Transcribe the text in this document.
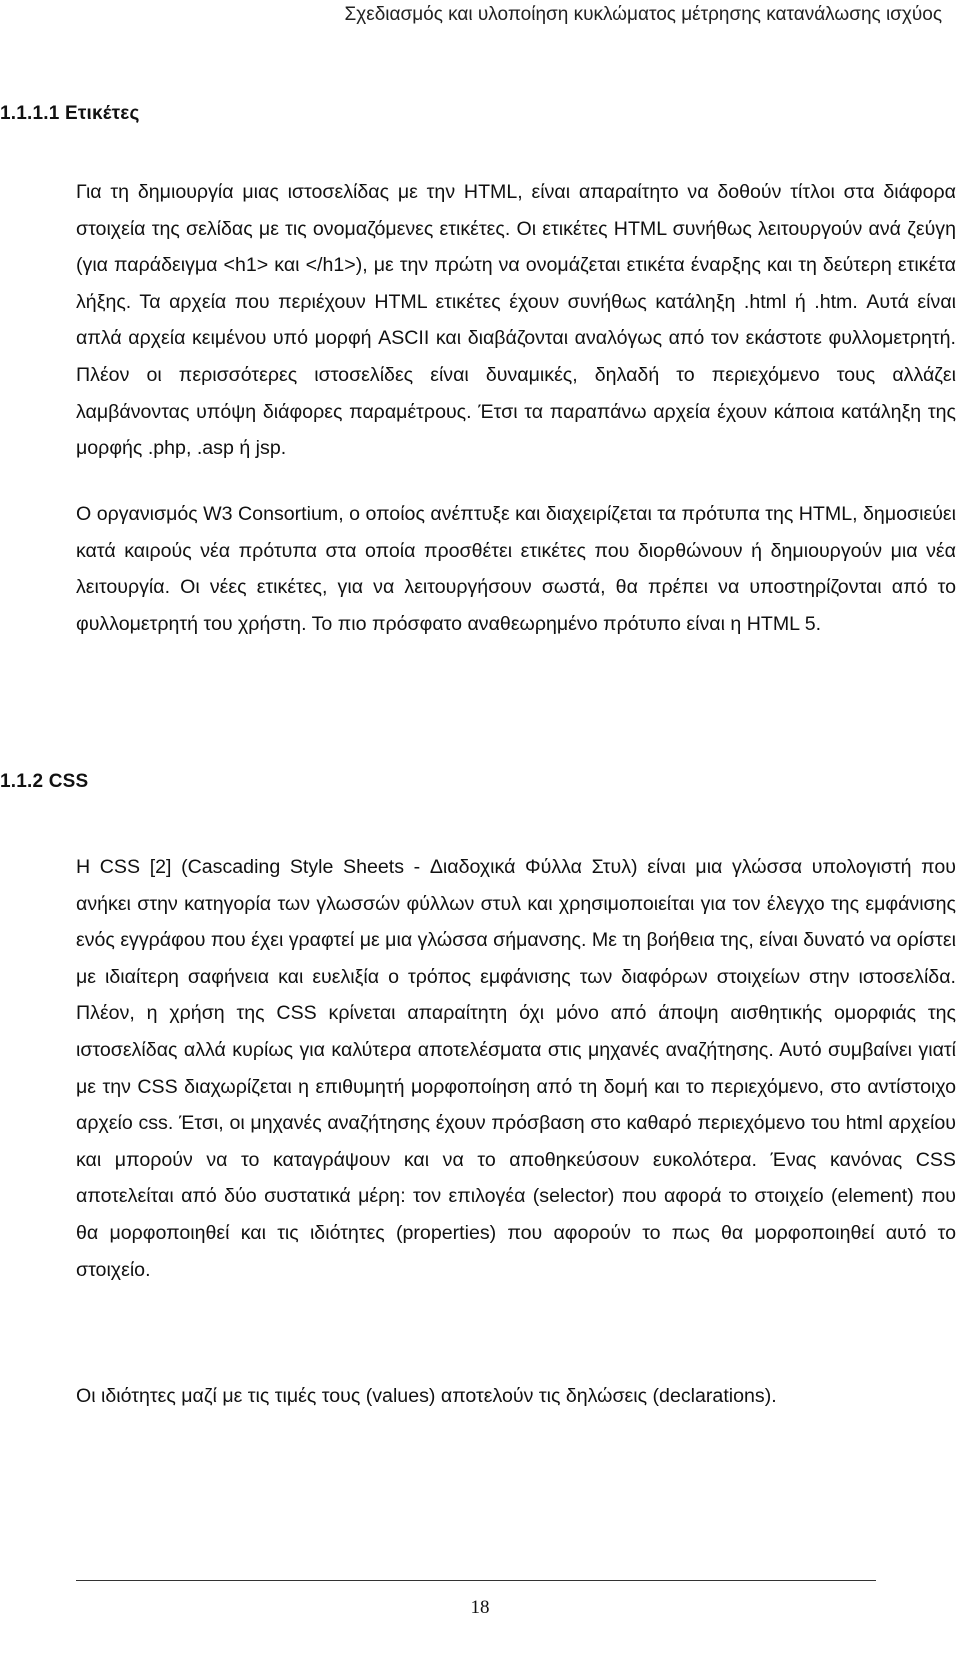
Σχεδιασμός και υλοποίηση κυκλώματος μέτρησης κατανάλωσης ισχύος
1.1.1.1 Ετικέτες

Για τη δημιουργία μιας ιστοσελίδας με την HTML, είναι απαραίτητο να δοθούν τίτλοι στα διάφορα στοιχεία της σελίδας με τις ονομαζόμενες ετικέτες. Οι ετικέτες HTML συνήθως λειτουργούν ανά ζεύγη (για παράδειγμα <h1> και </h1>), με την πρώτη να ονομάζεται ετικέτα έναρξης και τη δεύτερη ετικέτα λήξης. Τα αρχεία που περιέχουν HTML ετικέτες έχουν συνήθως κατάληξη .html ή .htm. Αυτά είναι απλά αρχεία κειμένου υπό μορφή ASCII και διαβάζονται αναλόγως από τον εκάστοτε φυλλομετρητή. Πλέον οι περισσότερες ιστοσελίδες είναι δυναμικές, δηλαδή το περιεχόμενο τους αλλάζει λαμβάνοντας υπόψη διάφορες παραμέτρους. Έτσι τα παραπάνω αρχεία έχουν κάποια κατάληξη της μορφής .php, .asp ή jsp.

Ο οργανισμός W3 Consortium, ο οποίος ανέπτυξε και διαχειρίζεται τα πρότυπα της HTML, δημοσιεύει κατά καιρούς νέα πρότυπα στα οποία προσθέτει ετικέτες που διορθώνουν ή δημιουργούν μια νέα λειτουργία. Οι νέες ετικέτες, για να λειτουργήσουν σωστά, θα πρέπει να υποστηρίζονται από το φυλλομετρητή του χρήστη. Το πιο πρόσφατο αναθεωρημένο πρότυπο είναι η HTML 5.

1.1.2 CSS

Η CSS [2] (Cascading Style Sheets - Διαδοχικά Φύλλα Στυλ) είναι μια γλώσσα υπολογιστή που ανήκει στην κατηγορία των γλωσσών φύλλων στυλ και χρησιμοποιείται για τον έλεγχο της εμφάνισης ενός εγγράφου που έχει γραφτεί με μια γλώσσα σήμανσης. Με τη βοήθεια της, είναι δυνατό να ορίστει με ιδιαίτερη σαφήνεια και ευελιξία ο τρόπος εμφάνισης των διαφόρων στοιχείων στην ιστοσελίδα. Πλέον, η χρήση της CSS κρίνεται απαραίτητη όχι μόνο από άποψη αισθητικής ομορφιάς της ιστοσελίδας αλλά κυρίως για καλύτερα αποτελέσματα στις μηχανές αναζήτησης. Αυτό συμβαίνει γιατί με την CSS διαχωρίζεται η επιθυμητή μορφοποίηση από τη δομή και το περιεχόμενο, στο αντίστοιχο αρχείο css. Έτσι, οι μηχανές αναζήτησης έχουν πρόσβαση στο καθαρό περιεχόμενο του html αρχείου και μπορούν να το καταγράψουν και να το αποθηκεύσουν ευκολότερα. Ένας κανόνας CSS αποτελείται από δύο συστατικά μέρη: τον επιλογέα (selector) που αφορά το στοιχείο (element) που θα μορφοποιηθεί και τις ιδιότητες (properties) που αφορούν το πως θα μορφοποιηθεί αυτό το στοιχείο.

Οι ιδιότητες μαζί με τις τιμές τους (values) αποτελούν τις δηλώσεις (declarations).

18
